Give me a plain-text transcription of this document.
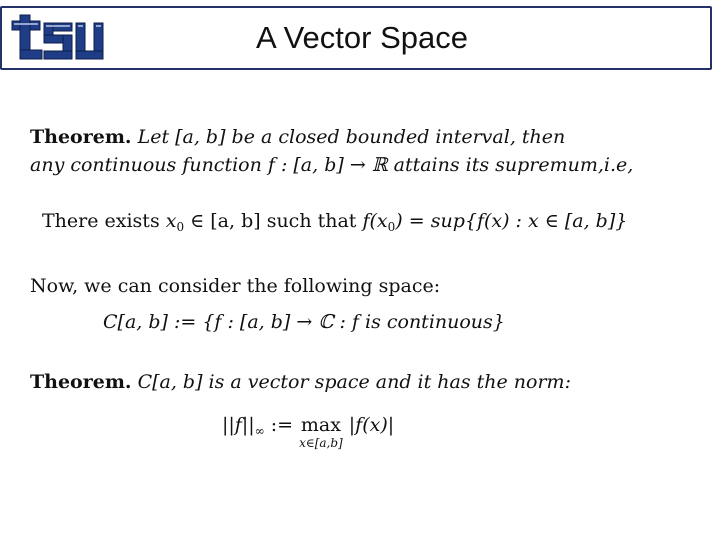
A Vector Space
Theorem. Let [a, b] be a closed bounded interval, then
any continuous function f : [a, b] → ℝ attains its supremum,i.e,
There exists $x_0$ ∈ [a, b] such that $f(x_0) = sup\{f(x)$ : x ∈ [a, b]}
Now, we can consider the following space:
C[a, b] := {f : [a, b] → ℂ : f is continuous}
Theorem. C[a, b] is a vector space and it has the norm:
$||f||_\infty$ := max
x∈[a,b]
|f(x)|
